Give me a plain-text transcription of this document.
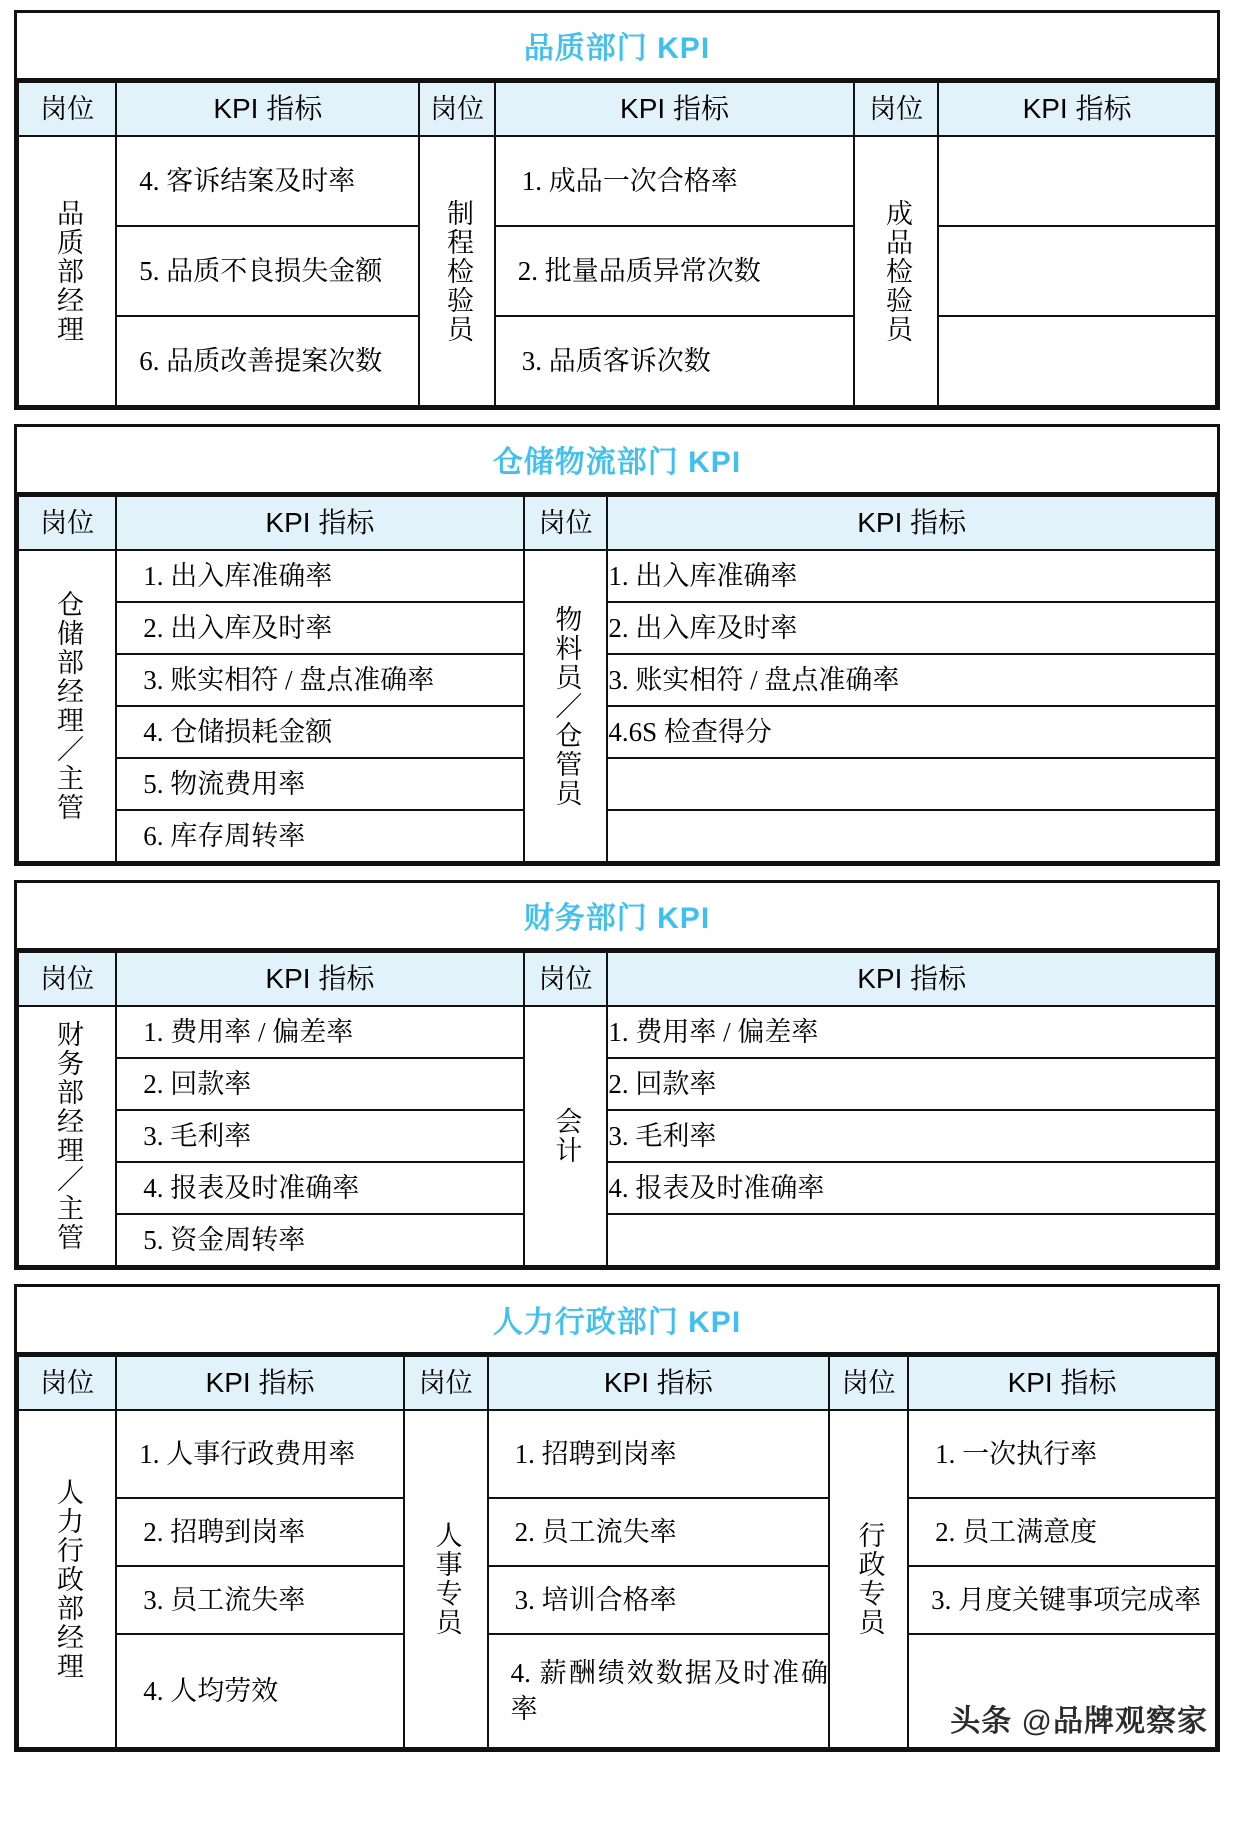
品质部门 KPI
岗位	KPI 指标	岗位	KPI 指标	岗位	KPI 指标
品质部经理	4. 客诉结案及时率	制程检验员	1. 成品一次合格率	成品检验员	
	5. 品质不良损失金额		2. 批量品质异常次数		
	6. 品质改善提案次数		3. 品质客诉次数		
仓储物流部门 KPI
岗位	KPI 指标	岗位	KPI 指标
仓储部经理／主管	1. 出入库准确率	物料员／仓管员	1. 出入库准确率
	2. 出入库及时率		2. 出入库及时率
	3. 账实相符 / 盘点准确率		3. 账实相符 / 盘点准确率
	4. 仓储损耗金额		4.6S 检查得分
	5. 物流费用率		
	6. 库存周转率		
财务部门 KPI
岗位	KPI 指标	岗位	KPI 指标
财务部经理／主管	1. 费用率 / 偏差率	会计	1. 费用率 / 偏差率
	2. 回款率		2. 回款率
	3. 毛利率		3. 毛利率
	4. 报表及时准确率		4. 报表及时准确率
	5. 资金周转率		
人力行政部门 KPI
岗位	KPI 指标	岗位	KPI 指标	岗位	KPI 指标
人力行政部经理	1. 人事行政费用率	人事专员	1. 招聘到岗率	行政专员	1. 一次执行率
	2. 招聘到岗率		2. 员工流失率		2. 员工满意度
	3. 员工流失率		3. 培训合格率		3. 月度关键事项完成率
	4. 人均劳效		4. 薪酬绩效数据及时准确率			头条 @品牌观察家
